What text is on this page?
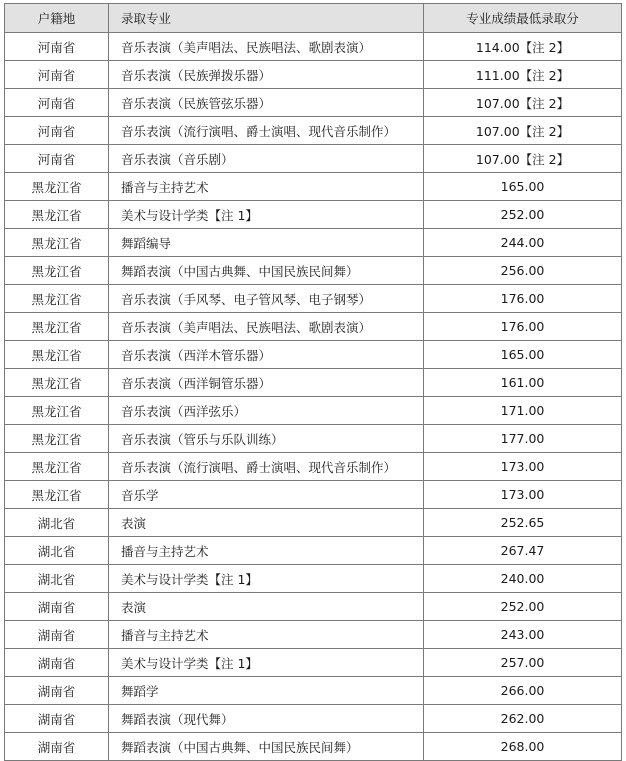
户籍地	录取专业	专业成绩最低录取分
河南省	音乐表演（美声唱法、民族唱法、歌剧表演）	114.00【注 2】
河南省	音乐表演（民族弹拨乐器）	111.00【注 2】
河南省	音乐表演（民族管弦乐器）	107.00【注 2】
河南省	音乐表演（流行演唱、爵士演唱、现代音乐制作）	107.00【注 2】
河南省	音乐表演（音乐剧）	107.00【注 2】
黑龙江省	播音与主持艺术	165.00
黑龙江省	美术与设计学类【注 1】	252.00
黑龙江省	舞蹈编导	244.00
黑龙江省	舞蹈表演（中国古典舞、中国民族民间舞）	256.00
黑龙江省	音乐表演（手风琴、电子管风琴、电子钢琴）	176.00
黑龙江省	音乐表演（美声唱法、民族唱法、歌剧表演）	176.00
黑龙江省	音乐表演（西洋木管乐器）	165.00
黑龙江省	音乐表演（西洋铜管乐器）	161.00
黑龙江省	音乐表演（西洋弦乐）	171.00
黑龙江省	音乐表演（管乐与乐队训练）	177.00
黑龙江省	音乐表演（流行演唱、爵士演唱、现代音乐制作）	173.00
黑龙江省	音乐学	173.00
湖北省	表演	252.65
湖北省	播音与主持艺术	267.47
湖北省	美术与设计学类【注 1】	240.00
湖南省	表演	252.00
湖南省	播音与主持艺术	243.00
湖南省	美术与设计学类【注 1】	257.00
湖南省	舞蹈学	266.00
湖南省	舞蹈表演（现代舞）	262.00
湖南省	舞蹈表演（中国古典舞、中国民族民间舞）	268.00
